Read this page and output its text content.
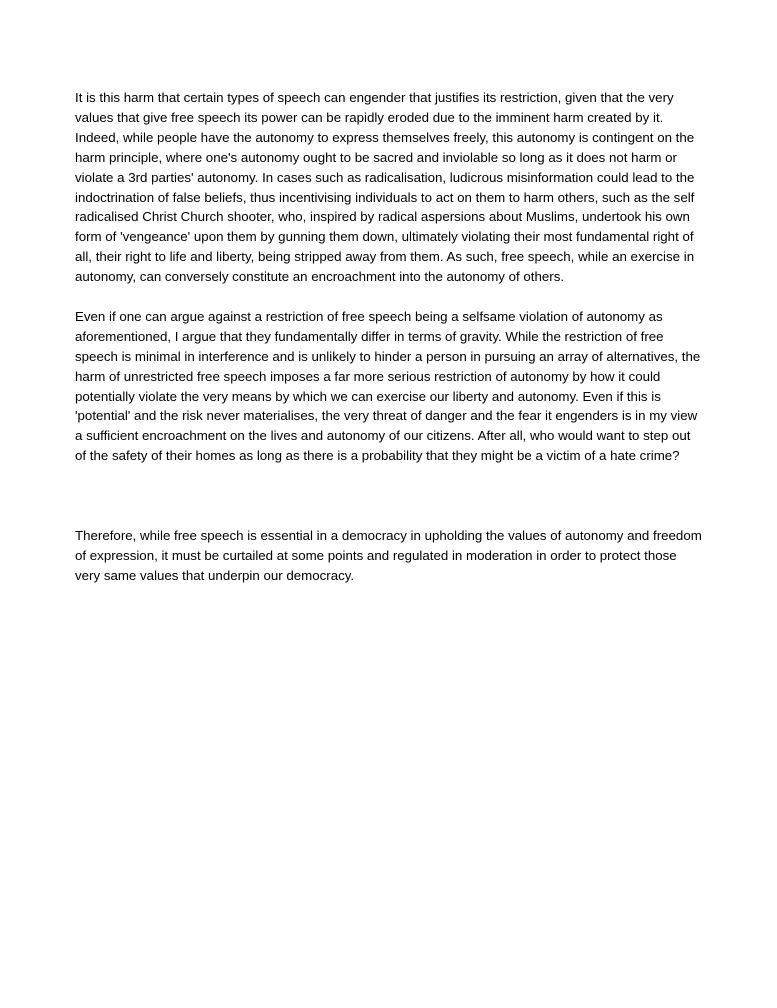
It is this harm that certain types of speech can engender that justifies its restriction, given that the very values that give free speech its power can be rapidly eroded due to the imminent harm created by it. Indeed, while people have the autonomy to express themselves freely, this autonomy is contingent on the harm principle, where one's autonomy ought to be sacred and inviolable so long as it does not harm or violate a 3rd parties' autonomy. In cases such as radicalisation, ludicrous misinformation could lead to the indoctrination of false beliefs, thus incentivising individuals to act on them to harm others, such as the self radicalised Christ Church shooter, who, inspired by radical aspersions about Muslims, undertook his own form of 'vengeance' upon them by gunning them down, ultimately violating their most fundamental right of all, their right to life and liberty, being stripped away from them. As such, free speech, while an exercise in autonomy, can conversely constitute an encroachment into the autonomy of others.

Even if one can argue against a restriction of free speech being a selfsame violation of autonomy as aforementioned, I argue that they fundamentally differ in terms of gravity. While the restriction of free speech is minimal in interference and is unlikely to hinder a person in pursuing an array of alternatives, the harm of unrestricted free speech imposes a far more serious restriction of autonomy by how it could potentially violate the very means by which we can exercise our liberty and autonomy. Even if this is 'potential' and the risk never materialises, the very threat of danger and the fear it engenders is in my view a sufficient encroachment on the lives and autonomy of our citizens. After all, who would want to step out of the safety of their homes as long as there is a probability that they might be a victim of a hate crime?

Therefore, while free speech is essential in a democracy in upholding the values of autonomy and freedom of expression, it must be curtailed at some points and regulated in moderation in order to protect those very same values that underpin our democracy.
